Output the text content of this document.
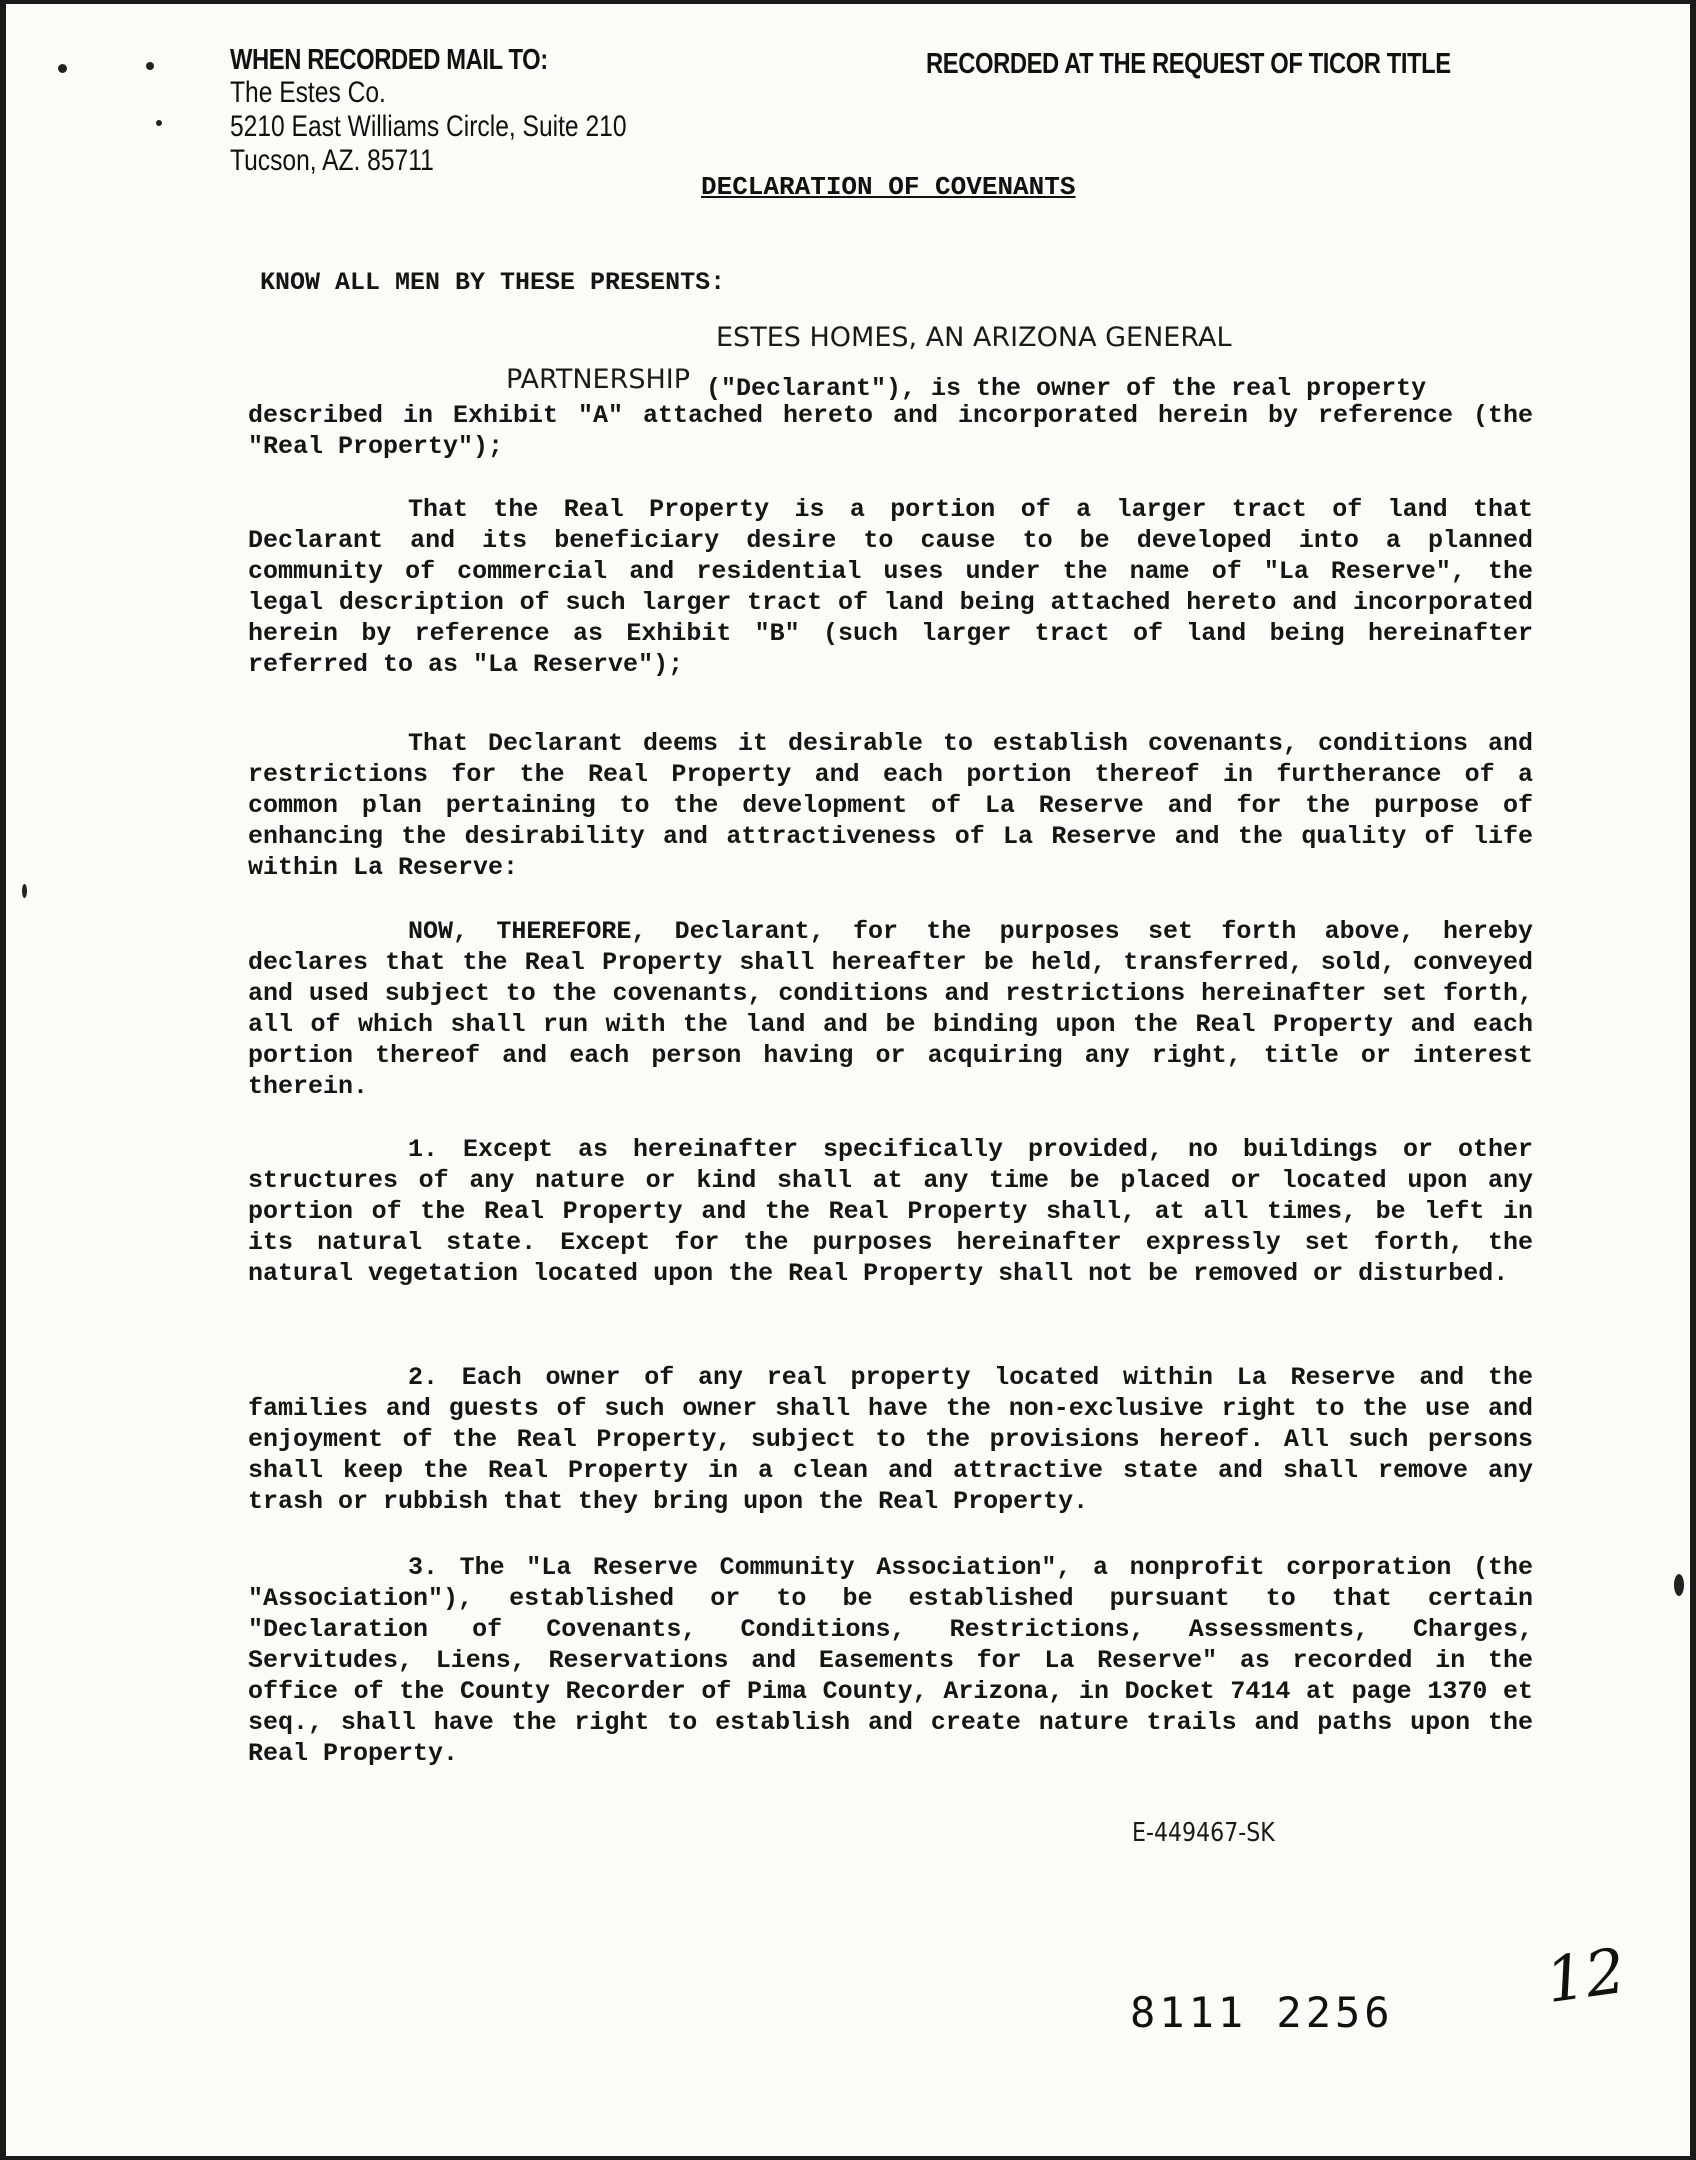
WHEN RECORDED MAIL TO:	RECORDED AT THE REQUEST OF TICOR TITLE
The Estes Co.
5210 East Williams Circle, Suite 210
Tucson, AZ. 85711
DECLARATION OF COVENANTS
KNOW ALL MEN BY THESE PRESENTS:
ESTES HOMES, AN ARIZONA GENERAL
PARTNERSHIP ("Declarant"), is the owner of the real property
described in Exhibit "A" attached hereto and incorporated herein by reference (the "Real Property");
That the Real Property is a portion of a larger tract of land that Declarant and its beneficiary desire to cause to be developed into a planned community of commercial and residential uses under the name of "La Reserve", the legal description of such larger tract of land being attached hereto and incorporated herein by reference as Exhibit "B" (such larger tract of land being hereinafter referred to as "La Reserve");
That Declarant deems it desirable to establish covenants, conditions and restrictions for the Real Property and each portion thereof in furtherance of a common plan pertaining to the development of La Reserve and for the purpose of enhancing the desirability and attractiveness of La Reserve and the quality of life within La Reserve:
NOW, THEREFORE, Declarant, for the purposes set forth above, hereby declares that the Real Property shall hereafter be held, transferred, sold, conveyed and used subject to the covenants, conditions and restrictions hereinafter set forth, all of which shall run with the land and be binding upon the Real Property and each portion thereof and each person having or acquiring any right, title or interest therein.
1. Except as hereinafter specifically provided, no buildings or other structures of any nature or kind shall at any time be placed or located upon any portion of the Real Property and the Real Property shall, at all times, be left in its natural state. Except for the purposes hereinafter expressly set forth, the natural vegetation located upon the Real Property shall not be removed or disturbed.
2. Each owner of any real property located within La Reserve and the families and guests of such owner shall have the non-exclusive right to the use and enjoyment of the Real Property, subject to the provisions hereof. All such persons shall keep the Real Property in a clean and attractive state and shall remove any trash or rubbish that they bring upon the Real Property.
3. The "La Reserve Community Association", a nonprofit corporation (the "Association"), established or to be established pursuant to that certain "Declaration of Covenants, Conditions, Restrictions, Assessments, Charges, Servitudes, Liens, Reservations and Easements for La Reserve" as recorded in the office of the County Recorder of Pima County, Arizona, in Docket 7414 at page 1370 et seq., shall have the right to establish and create nature trails and paths upon the Real Property.
E-449467-SK
8111 2256 12
